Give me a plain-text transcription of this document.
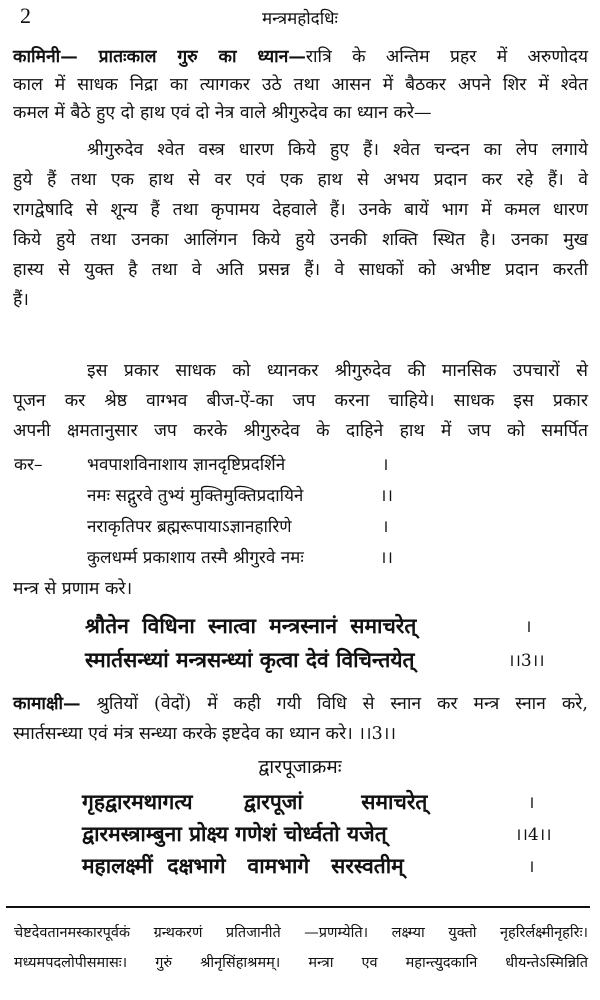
2	मन्त्रमहोदधिः
कामिनी— प्रातःकाल गुरु का ध्यान—रात्रि के अन्तिम प्रहर में अरुणोदय
काल में साधक निद्रा का त्यागकर उठे तथा आसन में बैठकर अपने शिर में श्वेत
कमल में बैठे हुए दो हाथ एवं दो नेत्र वाले श्रीगुरुदेव का ध्यान करे—
श्रीगुरुदेव श्वेत वस्त्र धारण किये हुए हैं। श्वेत चन्दन का लेप लगाये
हुये हैं तथा एक हाथ से वर एवं एक हाथ से अभय प्रदान कर रहे हैं। वे
रागद्वेषादि से शून्य हैं तथा कृपामय देहवाले हैं। उनके बायें भाग में कमल धारण
किये हुये तथा उनका आलिंगन किये हुये उनकी शक्ति स्थित है। उनका मुख
हास्य से युक्त है तथा वे अति प्रसन्न हैं। वे साधकों को अभीष्ट प्रदान करती
हैं।
इस प्रकार साधक को ध्यानकर श्रीगुरुदेव की मानसिक उपचारों से
पूजन कर श्रेष्ठ वाग्भव बीज-ऐं-का जप करना चाहिये। साधक इस प्रकार
अपनी क्षमतानुसार जप करके श्रीगुरुदेव के दाहिने हाथ में जप को समर्पित
कर–	भवपाशविनाशाय ज्ञानदृष्टिप्रदर्शिने	।
नमः सद्गुरवे तुभ्यं मुक्तिमुक्तिप्रदायिने	।।
नराकृतिपर ब्रह्मरूपायाऽज्ञानहारिणे	।
कुलधर्म्म प्रकाशाय तस्मै श्रीगुरवे नमः	।।
मन्त्र से प्रणाम करे।
श्रौतेन विधिना स्नात्वा मन्त्रस्नानं समाचरेत्	।
स्मार्तसन्ध्यां मन्त्रसन्ध्यां कृत्वा देवं विचिन्तयेत्	।।3।।
कामाक्षी— श्रुतियों (वेदों) में कही गयी विधि से स्नान कर मन्त्र स्नान करे,
स्मार्तसन्ध्या एवं मंत्र सन्ध्या करके इष्टदेव का ध्यान करे। ।।3।।
द्वारपूजाक्रमः
गृहद्वारमथागत्य       द्वारपूजां        समाचरेत्	।
द्वारमस्त्राम्बुना प्रोक्ष्य गणेशं चोर्ध्वतो यजेत्	।।4।।
महालक्ष्मीं  दक्षभागे   वामभागे   सरस्वतीम्	।
चेष्टदेवतानमस्कारपूर्वकं ग्रन्थकरणं प्रतिजानीते —प्रणम्येति। लक्ष्म्या युक्तो नृहरिर्लक्ष्मीनृहरिः।
मध्यमपदलोपीसमासः। गुरुं श्रीनृसिंहाश्रमम्। मन्त्रा एव महान्त्युदकानि धीयन्तेऽस्मिन्निति
